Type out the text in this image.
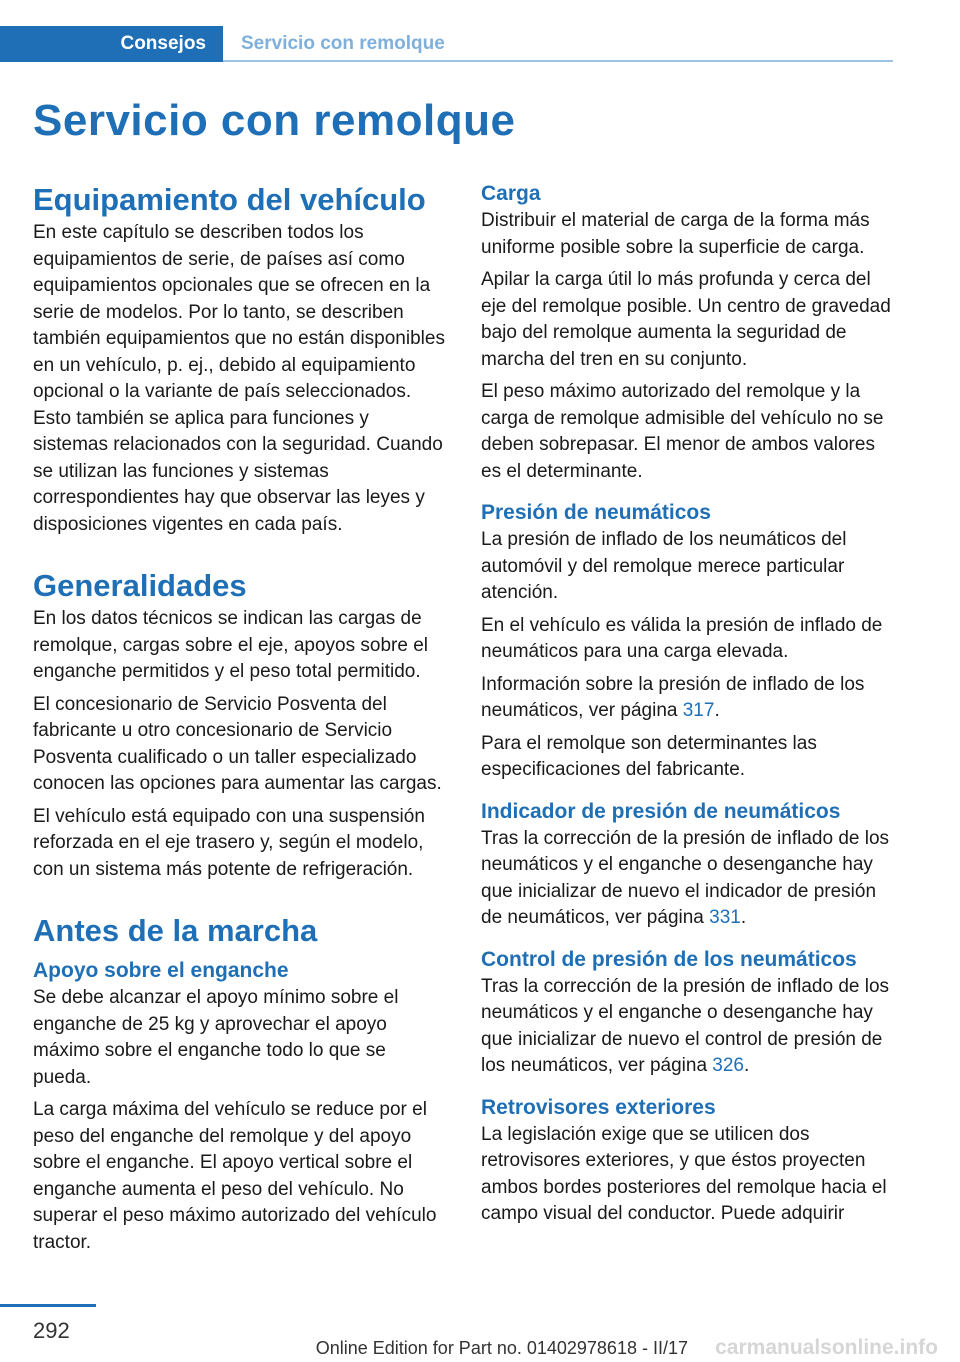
Consejos Servicio con remolque
Servicio con remolque
Equipamiento del vehículo

En este capítulo se describen todos los equipamientos de serie, de países así como equipamientos opcionales que se ofrecen en la serie de modelos. Por lo tanto, se describen también equipamientos que no están disponibles en un vehículo, p. ej., debido al equipamiento opcional o la variante de país seleccionados. Esto también se aplica para funciones y sistemas relacionados con la seguridad. Cuando se utilizan las funciones y sistemas correspondientes hay que observar las leyes y disposiciones vigentes en cada país.

Generalidades

En los datos técnicos se indican las cargas de remolque, cargas sobre el eje, apoyos sobre el enganche permitidos y el peso total permitido.

El concesionario de Servicio Posventa del fabricante u otro concesionario de Servicio Posventa cualificado o un taller especializado conocen las opciones para aumentar las cargas.

El vehículo está equipado con una suspensión reforzada en el eje trasero y, según el modelo, con un sistema más potente de refrigeración.

Antes de la marcha
Apoyo sobre el enganche

Se debe alcanzar el apoyo mínimo sobre el enganche de 25 kg y aprovechar el apoyo máximo sobre el enganche todo lo que se pueda.

La carga máxima del vehículo se reduce por el peso del enganche del remolque y del apoyo sobre el enganche. El apoyo vertical sobre el enganche aumenta el peso del vehículo. No superar el peso máximo autorizado del vehículo tractor.

Carga

Distribuir el material de carga de la forma más uniforme posible sobre la superficie de carga.

Apilar la carga útil lo más profunda y cerca del eje del remolque posible. Un centro de gravedad bajo del remolque aumenta la seguridad de marcha del tren en su conjunto.

El peso máximo autorizado del remolque y la carga de remolque admisible del vehículo no se deben sobrepasar. El menor de ambos valores es el determinante.

Presión de neumáticos

La presión de inflado de los neumáticos del automóvil y del remolque merece particular atención.

En el vehículo es válida la presión de inflado de neumáticos para una carga elevada.

Información sobre la presión de inflado de los neumáticos, ver página 317.

Para el remolque son determinantes las especificaciones del fabricante.

Indicador de presión de neumáticos

Tras la corrección de la presión de inflado de los neumáticos y el enganche o desenganche hay que inicializar de nuevo el indicador de presión de neumáticos, ver página 331.

Control de presión de los neumáticos

Tras la corrección de la presión de inflado de los neumáticos y el enganche o desenganche hay que inicializar de nuevo el control de presión de los neumáticos, ver página 326.

Retrovisores exteriores

La legislación exige que se utilicen dos retrovisores exteriores, y que éstos proyecten ambos bordes posteriores del remolque hacia el campo visual del conductor. Puede adquirir

292
Online Edition for Part no. 01402978618 - II/17 carmanualsonline.info
